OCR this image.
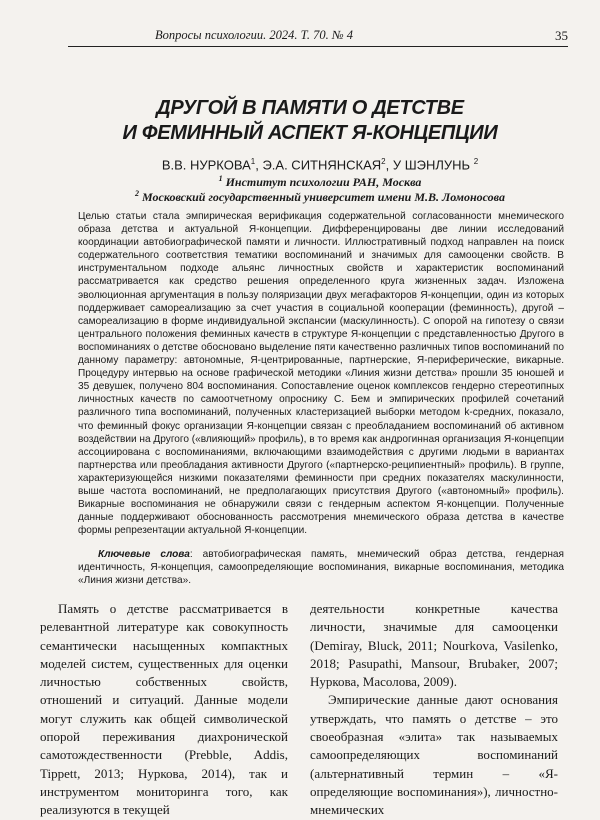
Вопросы психологии. 2024. Т. 70. № 4	35
ДРУГОЙ В ПАМЯТИ О ДЕТСТВЕ
И ФЕМИННЫЙ АСПЕКТ Я-КОНЦЕПЦИИ
В.В. НУРКОВА$^1$, Э.А. СИТНЯНСКАЯ$^2$, У ШЭНЛУНЬ $^2$
$^1$ Институт психологии РАН, Москва
$^2$ Московский государственный университет имени М.В. Ломоносова

Целью статьи стала эмпирическая верификация содержательной согласованности мнемического образа детства и актуальной Я-концепции. Дифференцированы две линии исследований координации автобиографической памяти и личности. Иллюстративный подход направлен на поиск содержательного соответствия тематики воспоминаний и значимых для самооценки свойств. В инструментальном подходе альянс личностных свойств и характеристик воспоминаний рассматривается как средство решения определенного круга жизненных задач. Изложена эволюционная аргументация в пользу поляризации двух мегафакторов Я-концепции, один из которых поддерживает самореализацию за счет участия в социальной кооперации (феминность), другой – самореализацию в форме индивидуальной экспансии (маскулинность). С опорой на гипотезу о связи центрального положения феминных качеств в структуре Я-концепции с представленностью Другого в воспоминаниях о детстве обосновано выделение пяти качественно различных типов воспоминаний по данному параметру: автономные, Я-центрированные, партнерские, Я-периферические, викарные. Процедуру интервью на основе графической методики «Линия жизни детства» прошли 35 юношей и 35 девушек, получено 804 воспоминания. Сопоставление оценок комплексов гендерно стереотипных личностных качеств по самоотчетному опроснику С. Бем и эмпирических профилей сочетаний различного типа воспоминаний, полученных кластеризацией выборки методом k-средних, показало, что феминный фокус организации Я-концепции связан с преобладанием воспоминаний об активном воздействии на Другого («влияющий» профиль), в то время как андрогинная организация Я-концепции ассоциирована с воспоминаниями, включающими взаимодействия с другими людьми в вариантах партнерства или преобладания активности Другого («партнерско-реципиентный» профиль). В группе, характеризующейся низкими показателями феминности при средних показателях маскулинности, выше частота воспоминаний, не предполагающих присутствия Другого («автономный» профиль). Викарные воспоминания не обнаружили связи с гендерным аспектом Я-концепции. Полученные данные поддерживают обоснованность рассмотрения мнемического образа детства в качестве формы репрезентации актуальной Я-концепции.

Ключевые слова: автобиографическая память, мнемический образ детства, гендерная идентичность, Я-концепция, самоопределяющие воспоминания, викарные воспоминания, методика «Линия жизни детства».

Память о детстве рассматривается в релевантной литературе как совокупность семантически насыщенных компактных моделей систем, существенных для оценки личностью собственных свойств, отношений и ситуаций. Данные модели могут служить как общей символической опорой переживания диахронической самотождественности (Prebble, Addis, Tippett, 2013; Нуркова, 2014), так и инструментом мониторинга того, как реализуются в текущей

деятельности конкретные качества личности, значимые для самооценки (Demiray, Bluck, 2011; Nourkova, Vasilenko, 2018; Pasupathi, Mansour, Brubaker, 2007; Нуркова, Масолова, 2009).

Эмпирические данные дают основания утверждать, что память о детстве – это своеобразная «элита» так называемых самоопределяющих воспоминаний (альтернативный термин – «Я-определяющие воспоминания»), личностно-мнемических
